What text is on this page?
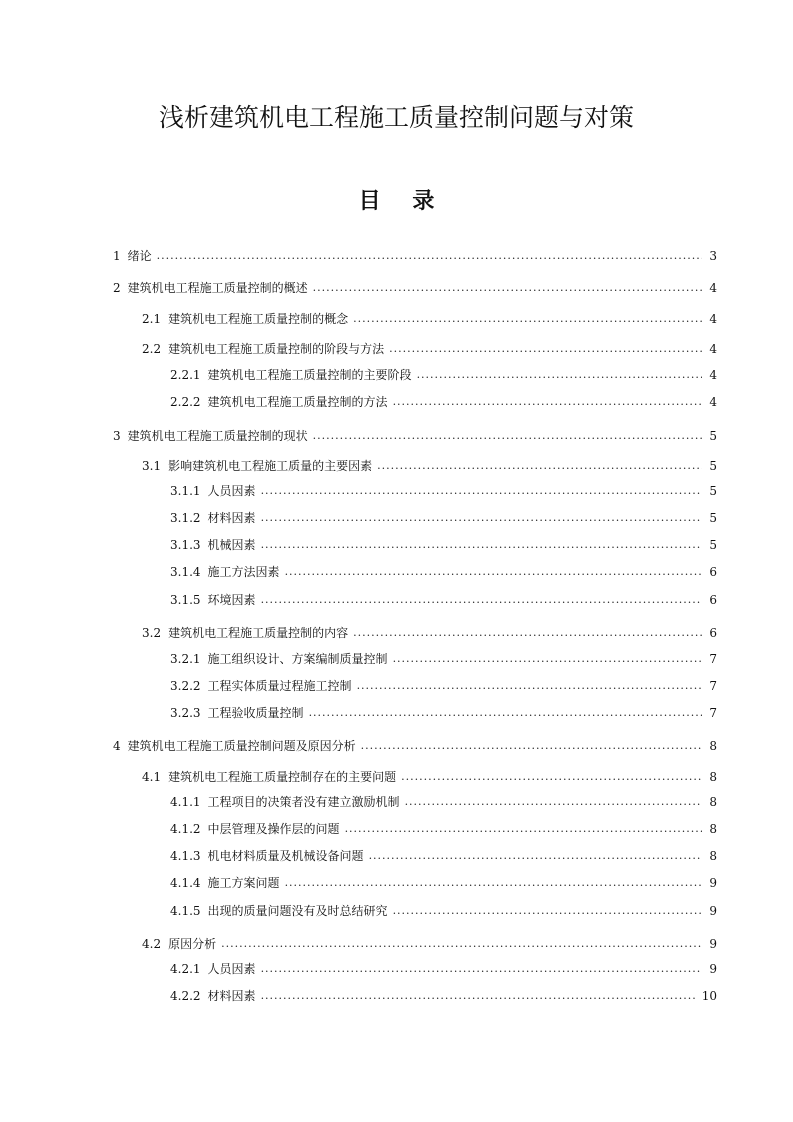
浅析建筑机电工程施工质量控制问题与对策
目 录
1 绪论 .....	3
2 建筑机电工程施工质量控制的概述 .....	4
2.1 建筑机电工程施工质量控制的概念 .....	4
2.2 建筑机电工程施工质量控制的阶段与方法 .....	4
2.2.1 建筑机电工程施工质量控制的主要阶段 .....	4
2.2.2 建筑机电工程施工质量控制的方法 .....	4
3 建筑机电工程施工质量控制的现状 .....	5
3.1 影响建筑机电工程施工质量的主要因素 .....	5
3.1.1 人员因素 .....	5
3.1.2 材料因素 .....	5
3.1.3 机械因素 .....	5
3.1.4 施工方法因素 .....	6
3.1.5 环境因素 .....	6
3.2 建筑机电工程施工质量控制的内容 .....	6
3.2.1 施工组织设计、方案编制质量控制 .....	7
3.2.2 工程实体质量过程施工控制 .....	7
3.2.3 工程验收质量控制 .....	7
4 建筑机电工程施工质量控制问题及原因分析 .....	8
4.1 建筑机电工程施工质量控制存在的主要问题 .....	8
4.1.1 工程项目的决策者没有建立激励机制 .....	8
4.1.2 中层管理及操作层的问题 .....	8
4.1.3 机电材料质量及机械设备问题 .....	8
4.1.4 施工方案问题 .....	9
4.1.5 出现的质量问题没有及时总结研究 .....	9
4.2 原因分析 .....	9
4.2.1 人员因素 .....	9
4.2.2 材料因素 .....	10
